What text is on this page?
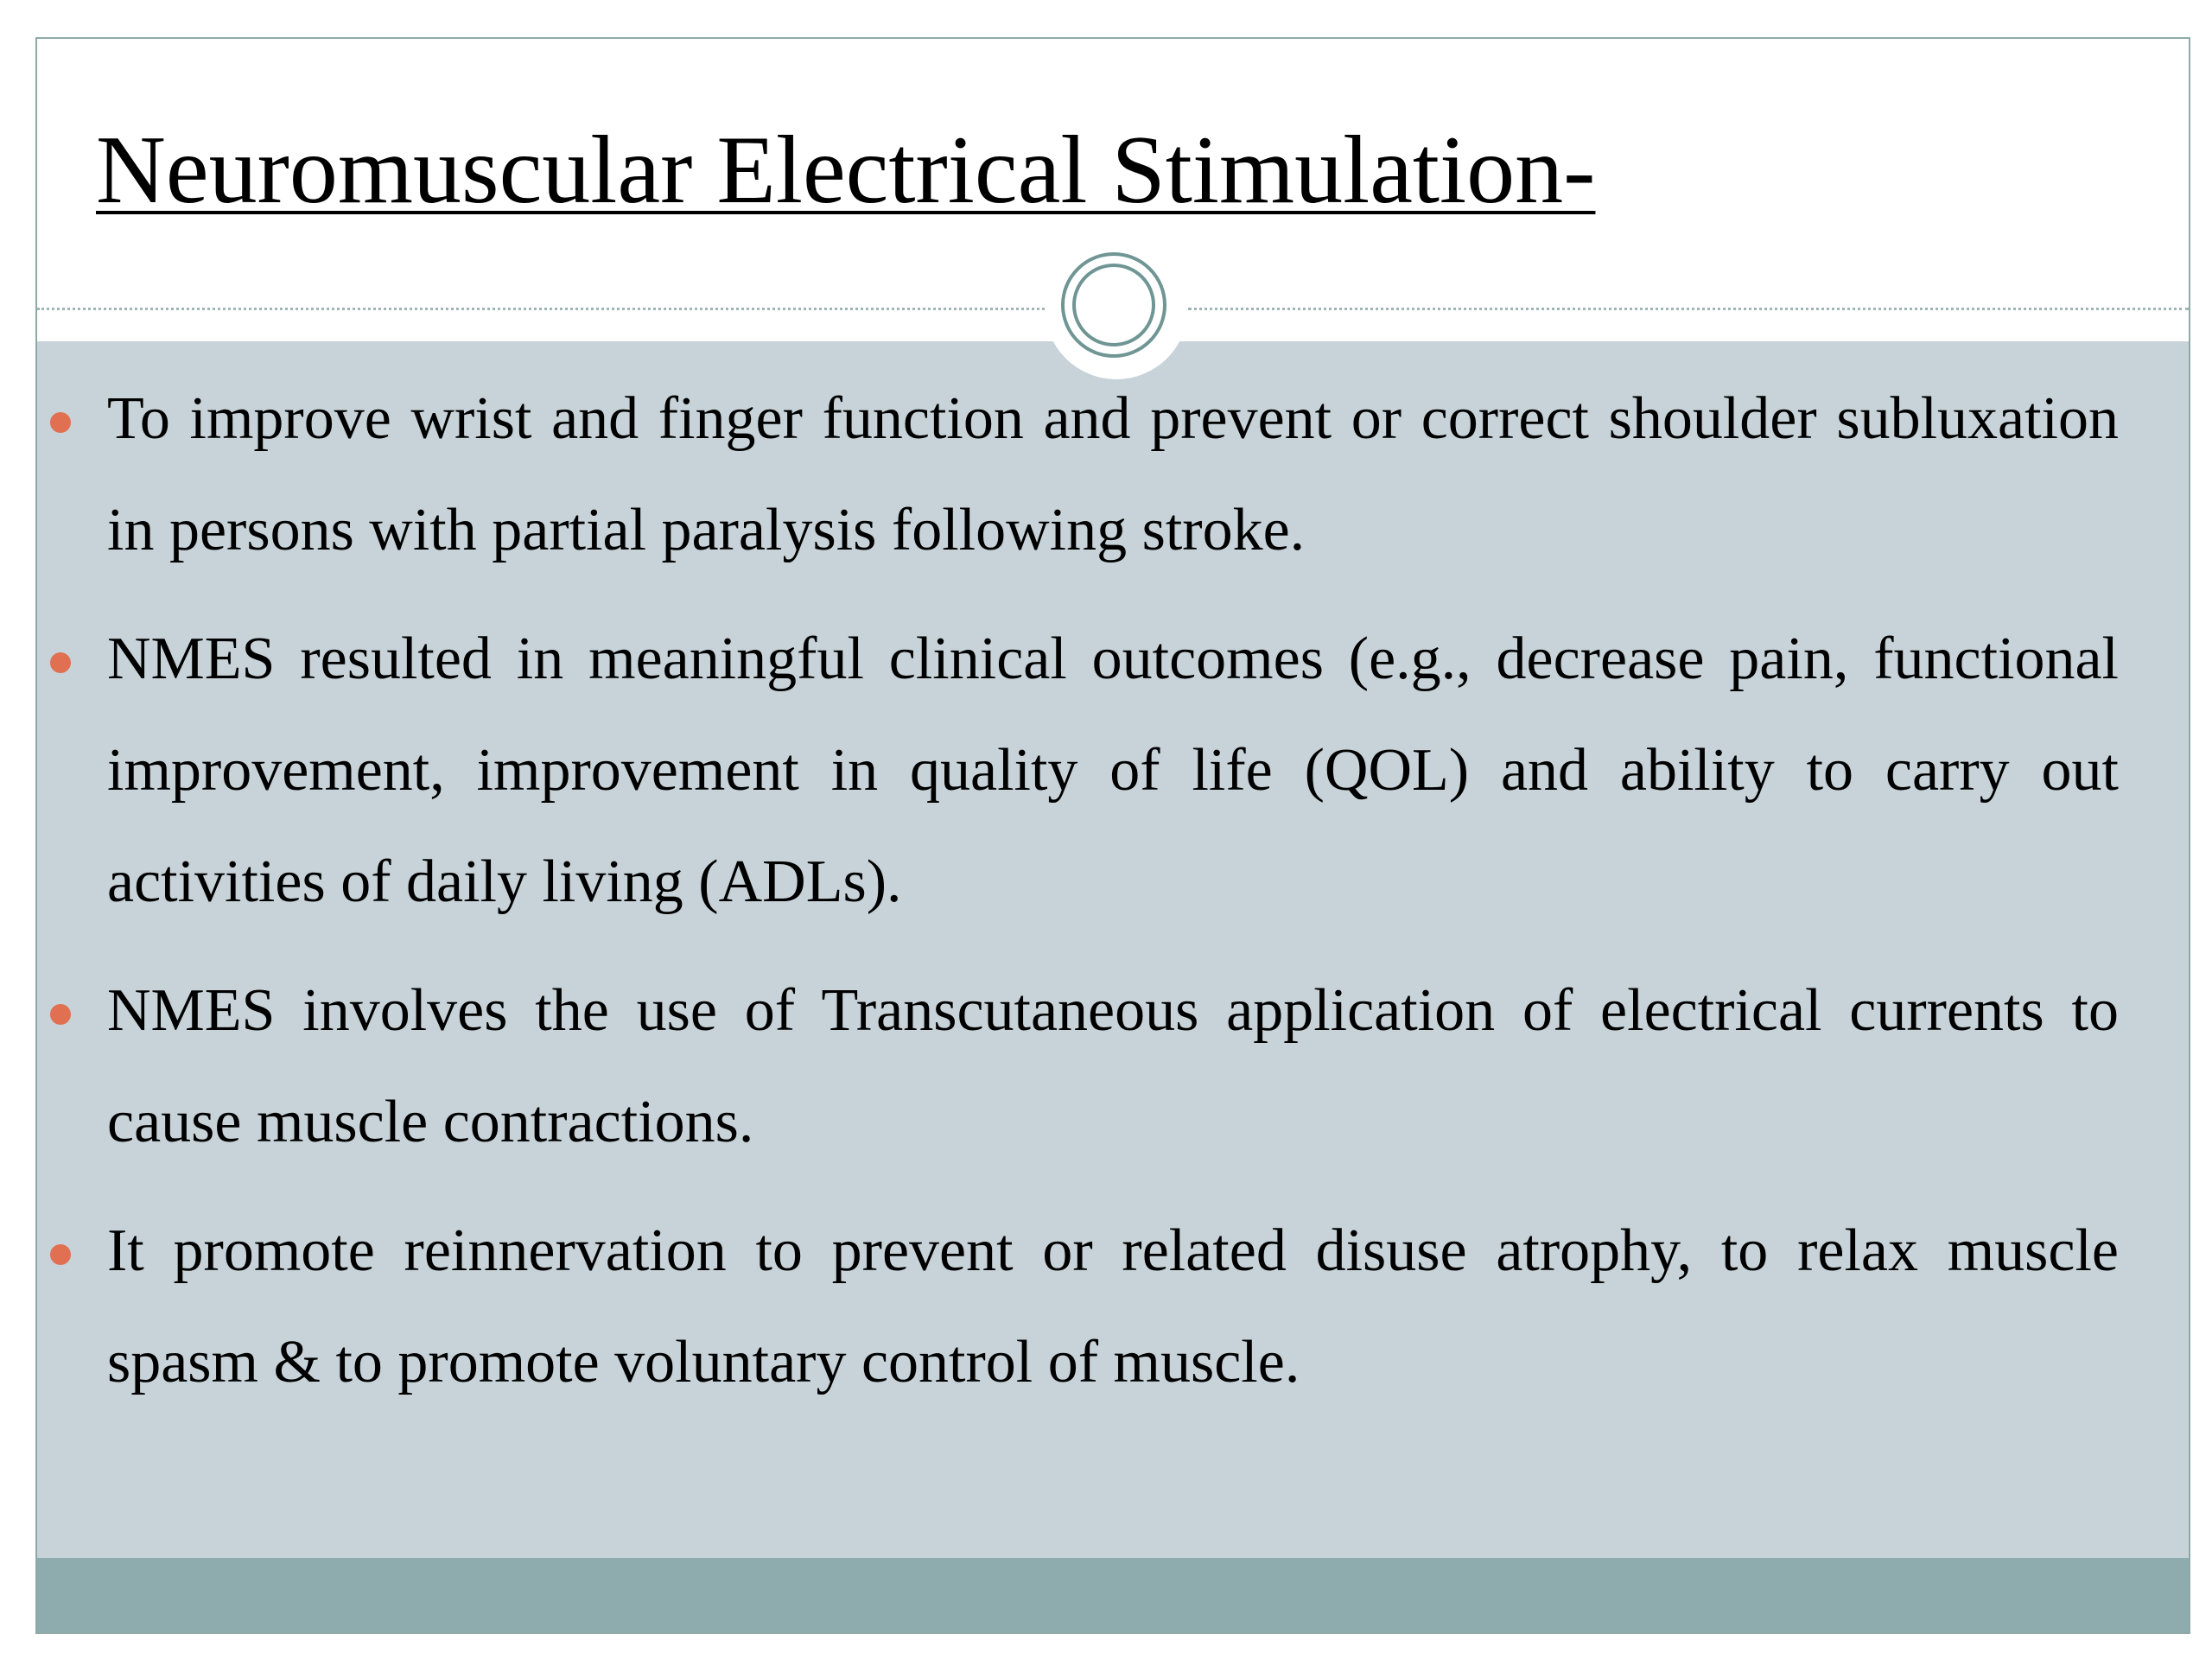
Neuromuscular Electrical Stimulation-
To improve wrist and finger function and prevent or correct shoulder subluxation in persons with partial paralysis following stroke.
NMES resulted in meaningful clinical outcomes (e.g., decrease pain, functional improvement, improvement in quality of life (QOL) and ability to carry out activities of daily living (ADLs).
NMES involves the use of Transcutaneous application of electrical currents to cause muscle contractions.
It promote reinnervation to prevent or related disuse atrophy, to relax muscle spasm & to promote voluntary control of muscle.
